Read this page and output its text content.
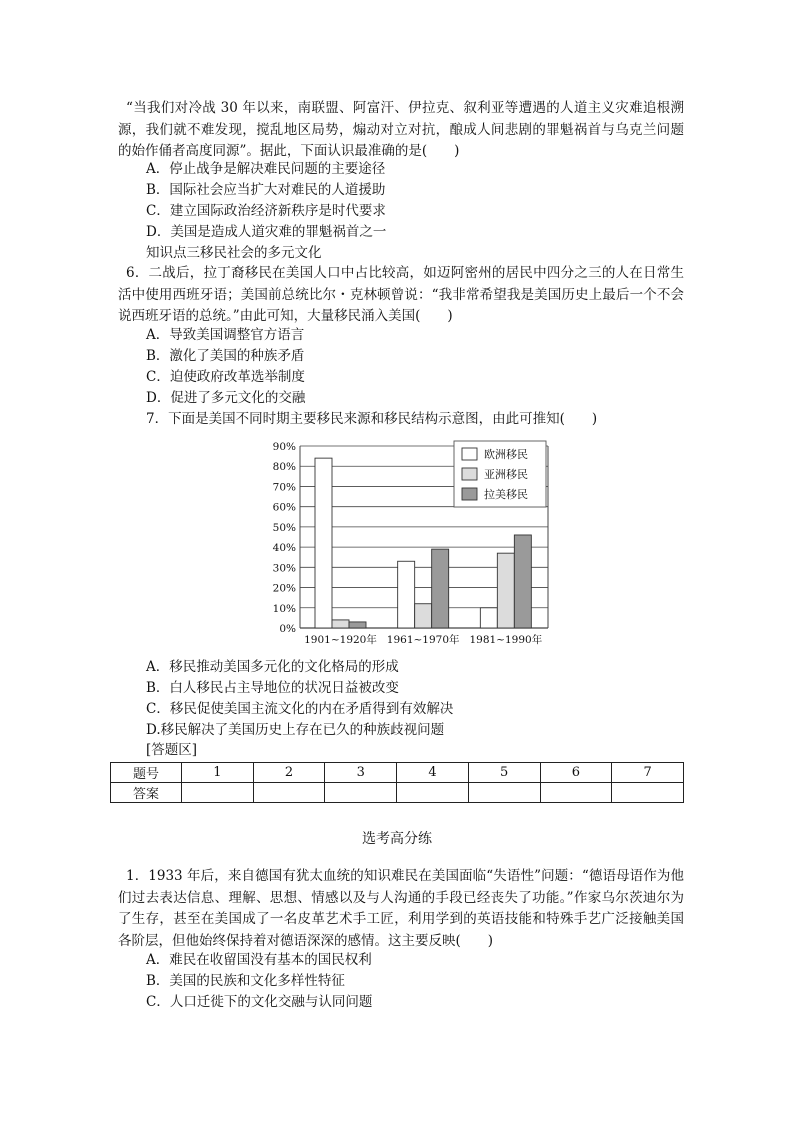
“当我们对冷战 30 年以来，南联盟、阿富汗、伊拉克、叙利亚等遭遇的人道主义灾难追根溯源，我们就不难发现，搅乱地区局势，煽动对立对抗，酿成人间悲剧的罪魁祸首与乌克兰问题的始作俑者高度同源”。据此，下面认识最准确的是(　　)
A．停止战争是解决难民问题的主要途径
B．国际社会应当扩大对难民的人道援助
C．建立国际政治经济新秩序是时代要求
D．美国是造成人道灾难的罪魁祸首之一
知识点三移民社会的多元文化
6．二战后，拉丁裔移民在美国人口中占比较高，如迈阿密州的居民中四分之三的人在日常生活中使用西班牙语；美国前总统比尔・克林顿曾说：“我非常希望我是美国历史上最后一个不会说西班牙语的总统。”由此可知，大量移民涌入美国(　　)
A．导致美国调整官方语言
B．激化了美国的种族矛盾
C．迫使政府改革选举制度
D．促进了多元文化的交融
7．下面是美国不同时期主要移民来源和移民结构示意图，由此可推知(　　)
0%
10%
20%
30%
40%
50%
60%
70%
80%
90%
1901~1920年 1961~1970年 1981~1990年
欧洲移民
亚洲移民
拉美移民
A．移民推动美国多元化的文化格局的形成
B．白人移民占主导地位的状况日益被改变
C．移民促使美国主流文化的内在矛盾得到有效解决
D.移民解决了美国历史上存在已久的种族歧视问题
[答题区]
题号	1	2	3	4	5	6	7
答案							
选考高分练
1．1933 年后，来自德国有犹太血统的知识难民在美国面临“失语性”问题：“德语母语作为他们过去表达信息、理解、思想、情感以及与人沟通的手段已经丧失了功能。”作家乌尔茨迪尔为了生存，甚至在美国成了一名皮革艺术手工匠，利用学到的英语技能和特殊手艺广泛接触美国各阶层，但他始终保持着对德语深深的感情。这主要反映(　　)
A．难民在收留国没有基本的国民权利
B．美国的民族和文化多样性特征
C．人口迁徙下的文化交融与认同问题
